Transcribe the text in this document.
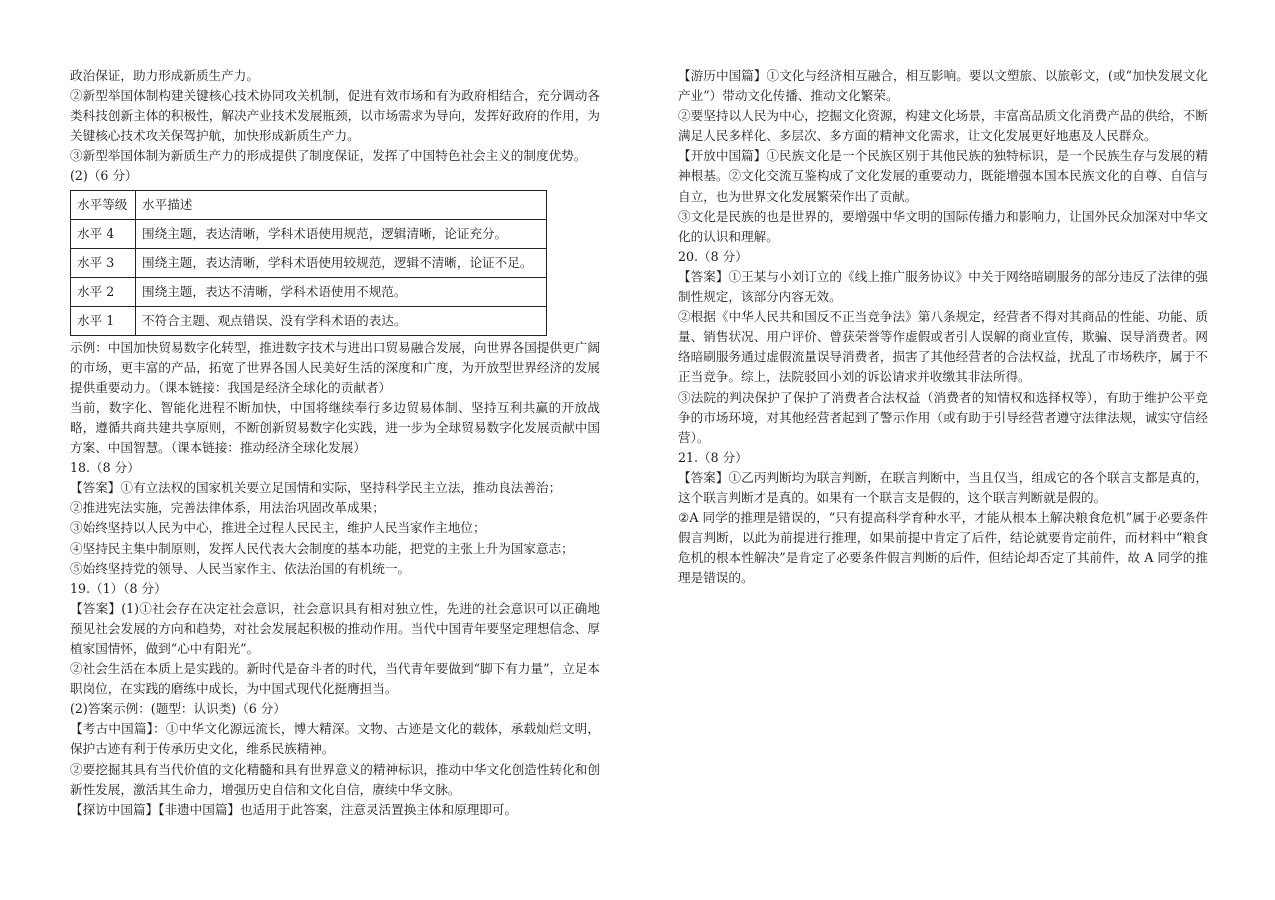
政治保证，助力形成新质生产力。

②新型举国体制构建关键核心技术协同攻关机制，促进有效市场和有为政府相结合，充分调动各类科技创新主体的积极性，解决产业技术发展瓶颈，以市场需求为导向，发挥好政府的作用，为关键核心技术攻关保驾护航，加快形成新质生产力。

③新型举国体制为新质生产力的形成提供了制度保证，发挥了中国特色社会主义的制度优势。

(2)（6 分）

水平等级	水平描述
水平 4	围绕主题，表达清晰，学科术语使用规范，逻辑清晰，论证充分。
水平 3	围绕主题，表达清晰，学科术语使用较规范，逻辑不清晰，论证不足。
水平 2	围绕主题，表达不清晰，学科术语使用不规范。
水平 1	不符合主题、观点错误、没有学科术语的表达。

示例：中国加快贸易数字化转型，推进数字技术与进出口贸易融合发展，向世界各国提供更广阔的市场，更丰富的产品，拓宽了世界各国人民美好生活的深度和广度，为开放型世界经济的发展提供重要动力。（课本链接：我国是经济全球化的贡献者）

当前，数字化、智能化进程不断加快，中国将继续奉行多边贸易体制、坚持互利共赢的开放战略，遵循共商共建共享原则，不断创新贸易数字化实践，进一步为全球贸易数字化发展贡献中国方案、中国智慧。（课本链接：推动经济全球化发展）

18.（8 分）

【答案】①有立法权的国家机关要立足国情和实际，坚持科学民主立法，推动良法善治；

②推进宪法实施，完善法律体系，用法治巩固改革成果；

③始终坚持以人民为中心，推进全过程人民民主，维护人民当家作主地位；

④坚持民主集中制原则，发挥人民代表大会制度的基本功能，把党的主张上升为国家意志；

⑤始终坚持党的领导、人民当家作主、依法治国的有机统一。

19.（1）（8 分）

【答案】(1)①社会存在决定社会意识，社会意识具有相对独立性，先进的社会意识可以正确地预见社会发展的方向和趋势，对社会发展起积极的推动作用。当代中国青年要坚定理想信念、厚植家国情怀，做到“心中有阳光”。

②社会生活在本质上是实践的。新时代是奋斗者的时代，当代青年要做到“脚下有力量”，立足本职岗位，在实践的磨练中成长，为中国式现代化挺膺担当。

(2)答案示例：(题型：认识类)（6 分）

【考古中国篇】：①中华文化源远流长，博大精深。文物、古迹是文化的载体，承载灿烂文明，保护古迹有利于传承历史文化，维系民族精神。

②要挖掘其具有当代价值的文化精髓和具有世界意义的精神标识，推动中华文化创造性转化和创新性发展，激活其生命力，增强历史自信和文化自信，赓续中华文脉。

【探访中国篇】【非遗中国篇】也适用于此答案，注意灵活置换主体和原理即可。

【游历中国篇】①文化与经济相互融合，相互影响。要以文塑旅、以旅彰文，(或“加快发展文化产业”）带动文化传播、推动文化繁荣。

②要坚持以人民为中心，挖掘文化资源，构建文化场景，丰富高品质文化消费产品的供给，不断满足人民多样化、多层次、多方面的精神文化需求，让文化发展更好地惠及人民群众。

【开放中国篇】①民族文化是一个民族区别于其他民族的独特标识，是一个民族生存与发展的精神根基。②文化交流互鉴构成了文化发展的重要动力，既能增强本国本民族文化的自尊、自信与自立，也为世界文化发展繁荣作出了贡献。

③文化是民族的也是世界的，要增强中华文明的国际传播力和影响力，让国外民众加深对中华文化的认识和理解。

20.（8 分）

【答案】①王某与小刘订立的《线上推广服务协议》中关于网络暗刷服务的部分违反了法律的强制性规定，该部分内容无效。

②根据《中华人民共和国反不正当竞争法》第八条规定，经营者不得对其商品的性能、功能、质量、销售状况、用户评价、曾获荣誉等作虚假或者引人误解的商业宣传，欺骗、误导消费者。网络暗刷服务通过虚假流量误导消费者，损害了其他经营者的合法权益，扰乱了市场秩序，属于不正当竞争。综上，法院驳回小刘的诉讼请求并收缴其非法所得。

③法院的判决保护了保护了消费者合法权益（消费者的知情权和选择权等），有助于维护公平竞争的市场环境，对其他经营者起到了警示作用（或有助于引导经营者遵守法律法规，诚实守信经营）。

21.（8 分）

【答案】①乙丙判断均为联言判断，在联言判断中，当且仅当，组成它的各个联言支都是真的，这个联言判断才是真的。如果有一个联言支是假的，这个联言判断就是假的。

②A 同学的推理是错误的，“只有提高科学育种水平，才能从根本上解决粮食危机”属于必要条件假言判断，以此为前提进行推理，如果前提中肯定了后件，结论就要肯定前件，而材料中“粮食危机的根本性解决”是肯定了必要条件假言判断的后件，但结论却否定了其前件，故 A 同学的推理是错误的。
